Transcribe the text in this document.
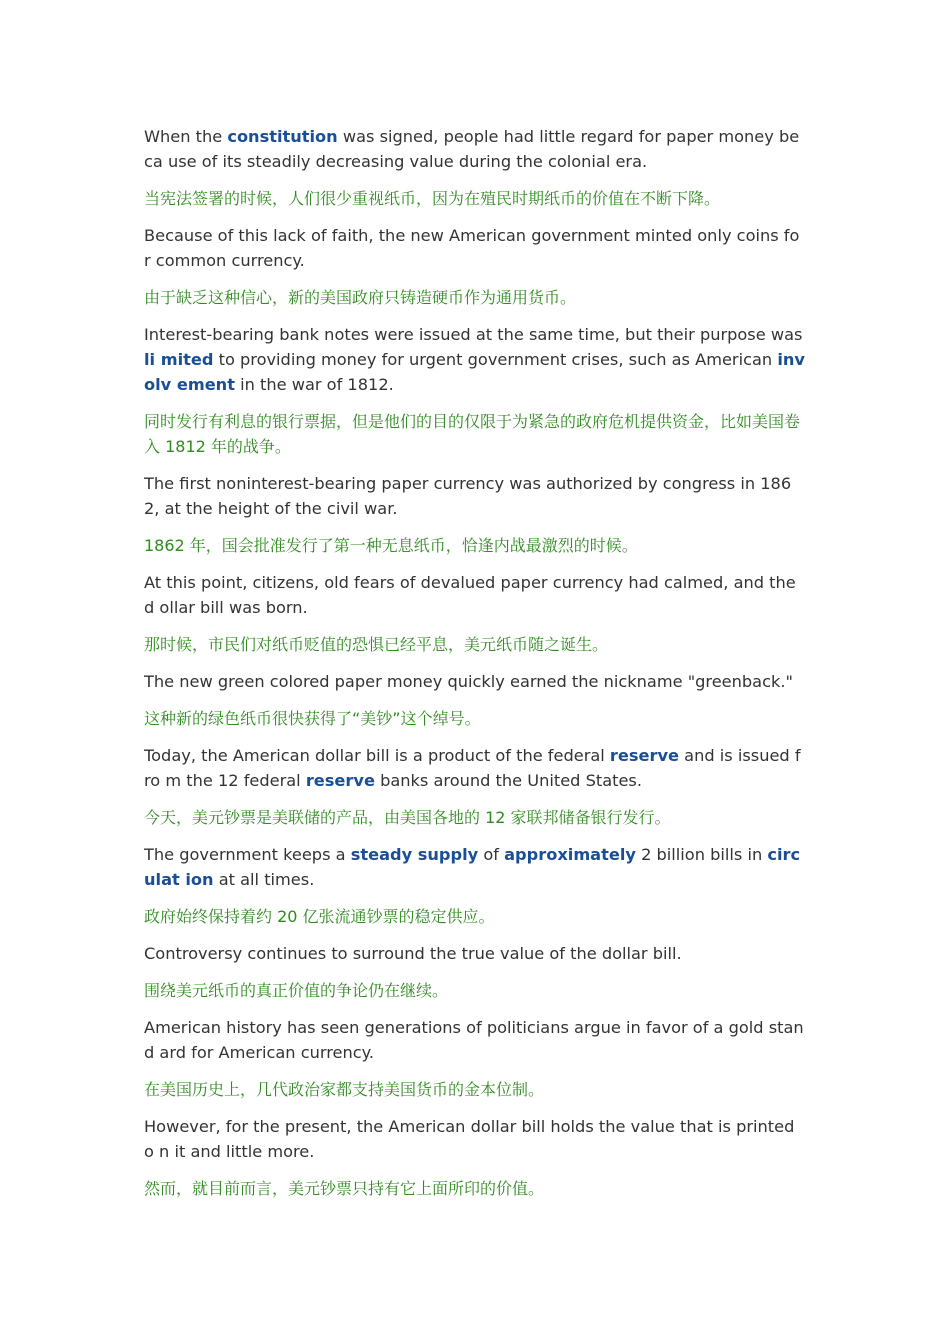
When the constitution was signed, people had little regard for paper money beca use of its steadily decreasing value during the colonial era.

当宪法签署的时候，人们很少重视纸币，因为在殖民时期纸币的价值在不断下降。

Because of this lack of faith, the new American government minted only coins for common currency.

由于缺乏这种信心，新的美国政府只铸造硬币作为通用货币。

Interest-bearing bank notes were issued at the same time, but their purpose was li mited to providing money for urgent government crises, such as American involv ement in the war of 1812.

同时发行有利息的银行票据，但是他们的目的仅限于为紧急的政府危机提供资金，比如美国卷入 1812 年的战争。

The first noninterest-bearing paper currency was authorized by congress in 1862, at the height of the civil war.

1862 年，国会批准发行了第一种无息纸币，恰逢内战最激烈的时候。

At this point, citizens, old fears of devalued paper currency had calmed, and the d ollar bill was born.

那时候，市民们对纸币贬值的恐惧已经平息，美元纸币随之诞生。

The new green colored paper money quickly earned the nickname "greenback."

这种新的绿色纸币很快获得了“美钞”这个绰号。

Today, the American dollar bill is a product of the federal reserve and is issued fro m the 12 federal reserve banks around the United States.

今天，美元钞票是美联储的产品，由美国各地的 12 家联邦储备银行发行。

The government keeps a steady supply of approximately 2 billion bills in circulat ion at all times.

政府始终保持着约 20 亿张流通钞票的稳定供应。

Controversy continues to surround the true value of the dollar bill.

围绕美元纸币的真正价值的争论仍在继续。

American history has seen generations of politicians argue in favor of a gold stand ard for American currency.

在美国历史上，几代政治家都支持美国货币的金本位制。

However, for the present, the American dollar bill holds the value that is printed o n it and little more.

然而，就目前而言，美元钞票只持有它上面所印的价值。
